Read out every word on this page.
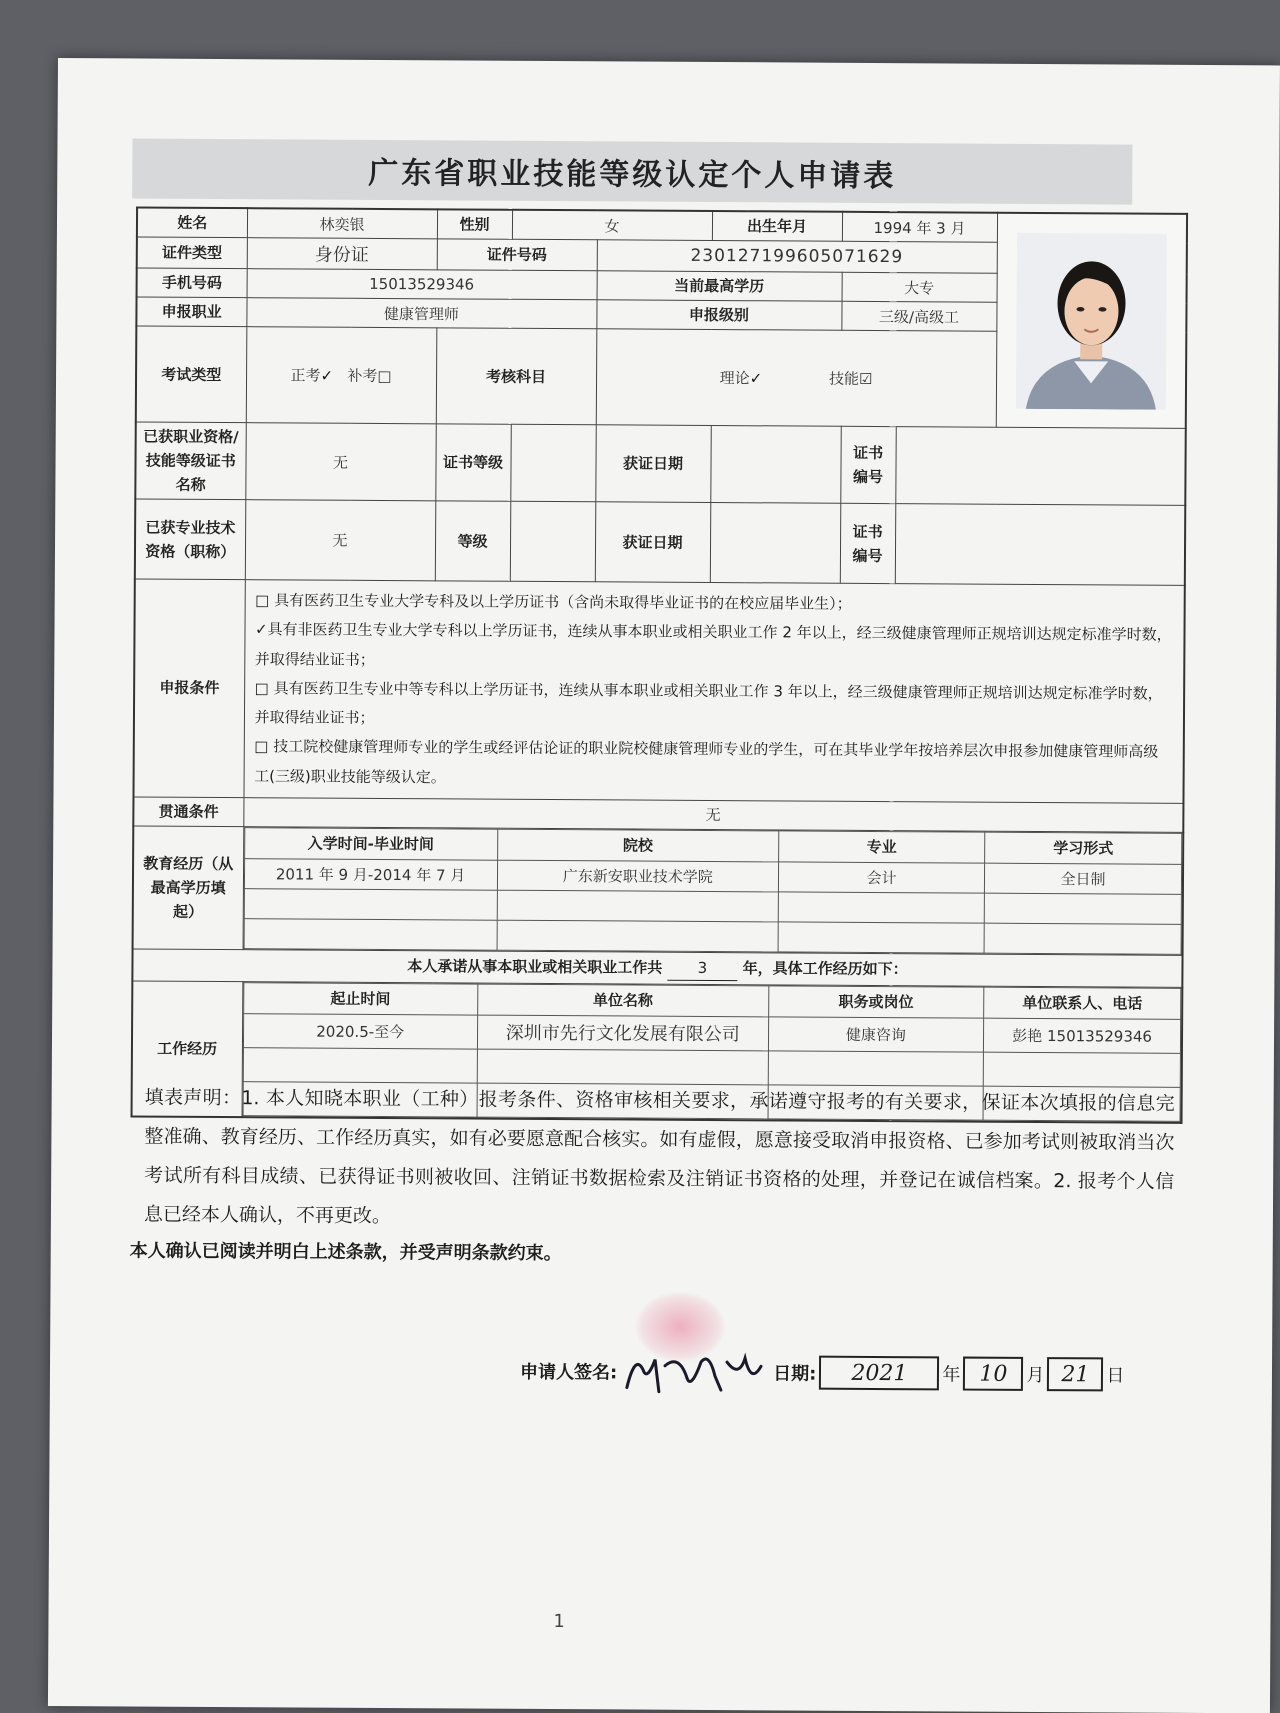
广东省职业技能等级认定个人申请表
姓名	林奕银	性别	女	出生年月	1994 年 3 月	

证件类型	身份证	证件号码	230127199605071629
手机号码	15013529346	当前最高学历	大专
申报职业	健康管理师	申报级别	三级/高级工
考试类型	正考✓ 补考□	考核科目	理论✓	技能☑
已获职业资格/技能等级证书名称	无	证书等级		获证日期		证书编号	
已获专业技术资格（职称）	无	等级		获证日期		证书编号	
申报条件	
□ 具有医药卫生专业大学专科及以上学历证书（含尚未取得毕业证书的在校应届毕业生）；
✓具有非医药卫生专业大学专科以上学历证书，连续从事本职业或相关职业工作 2 年以上，经三级健康管理师正规培训达规定标准学时数，并取得结业证书；
□ 具有医药卫生专业中等专科以上学历证书，连续从事本职业或相关职业工作 3 年以上，经三级健康管理师正规培训达规定标准学时数，并取得结业证书；
□ 技工院校健康管理师专业的学生或经评估论证的职业院校健康管理师专业的学生，可在其毕业学年按培养层次申报参加健康管理师高级工(三级)职业技能等级认定。

贯通条件	无
教育经历（从最高学历填起）	
入学时间-毕业时间	院校	专业	学习形式
2011 年 9 月-2014 年 7 月	广东新安职业技术学院	会计	全日制

本人承诺从事本职业或相关职业工作共 3 年，具体工作经历如下：
工作经历	
起止时间	单位名称	职务或岗位	单位联系人、电话
2020.5-至今	深圳市先行文化发展有限公司	健康咨询	彭艳 15013529346

填表声明：1. 本人知晓本职业（工种）报考条件、资格审核相关要求，承诺遵守报考的有关要求，保证本次填报的信息完整准确、教育经历、工作经历真实，如有必要愿意配合核实。如有虚假，愿意接受取消申报资格、已参加考试则被取消当次考试所有科目成绩、已获得证书则被收回、注销证书数据检索及注销证书资格的处理，并登记在诚信档案。2. 报考个人信息已经本人确认，不再更改。
本人确认已阅读并明白上述条款，并受声明条款约束。
申请人签名:	日期:	2021	年 10	月 21 日
1
